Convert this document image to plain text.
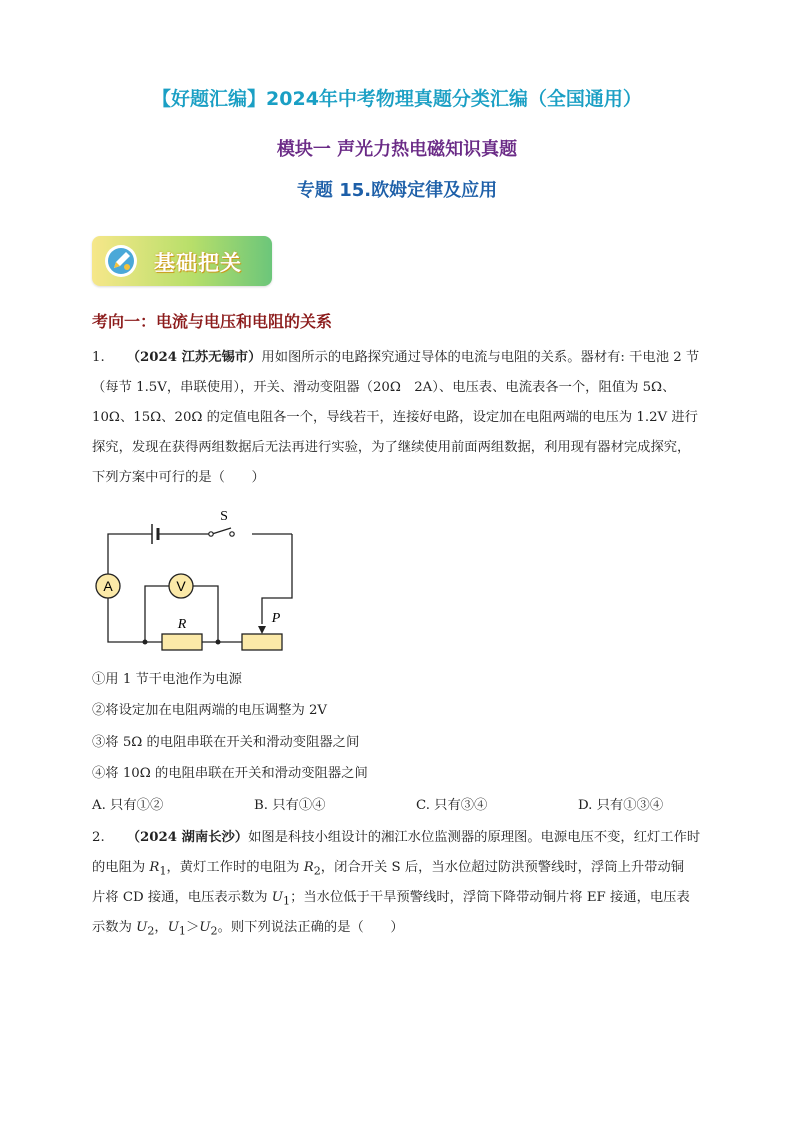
【好题汇编】2024年中考物理真题分类汇编（全国通用）
模块一 声光力热电磁知识真题
专题 15.欧姆定律及应用
基础把关
考向一：电流与电压和电阻的关系
1. （2024 江苏无锡市）用如图所示的电路探究通过导体的电流与电阻的关系。器材有: 干电池 2 节
（每节 1.5V，串联使用），开关、滑动变阻器（20Ω　2A）、电压表、电流表各一个，阻值为 5Ω、
10Ω、15Ω、20Ω 的定值电阻各一个，导线若干，连接好电路，设定加在电阻两端的电压为 1.2V 进行
探究，发现在获得两组数据后无法再进行实验，为了继续使用前面两组数据，利用现有器材完成探究，
下列方案中可行的是（　　）
A	V
S
R	P
①用 1 节干电池作为电源
②将设定加在电阻两端的电压调整为 2V
③将 5Ω 的电阻串联在开关和滑动变阻器之间
④将 10Ω 的电阻串联在开关和滑动变阻器之间
A. 只有①②	B. 只有①④	C. 只有③④	D. 只有①③④
2. （2024 湖南长沙）如图是科技小组设计的湘江水位监测器的原理图。电源电压不变，红灯工作时
的电阻为 $R_1$，黄灯工作时的电阻为 $R_2$，闭合开关 S 后，当水位超过防洪预警线时，浮筒上升带动铜
片将 CD 接通，电压表示数为 $U_1$；当水位低于干旱预警线时，浮筒下降带动铜片将 EF 接通，电压表
示数为 $U_2$，$U_1>U_2$。则下列说法正确的是（　　）
